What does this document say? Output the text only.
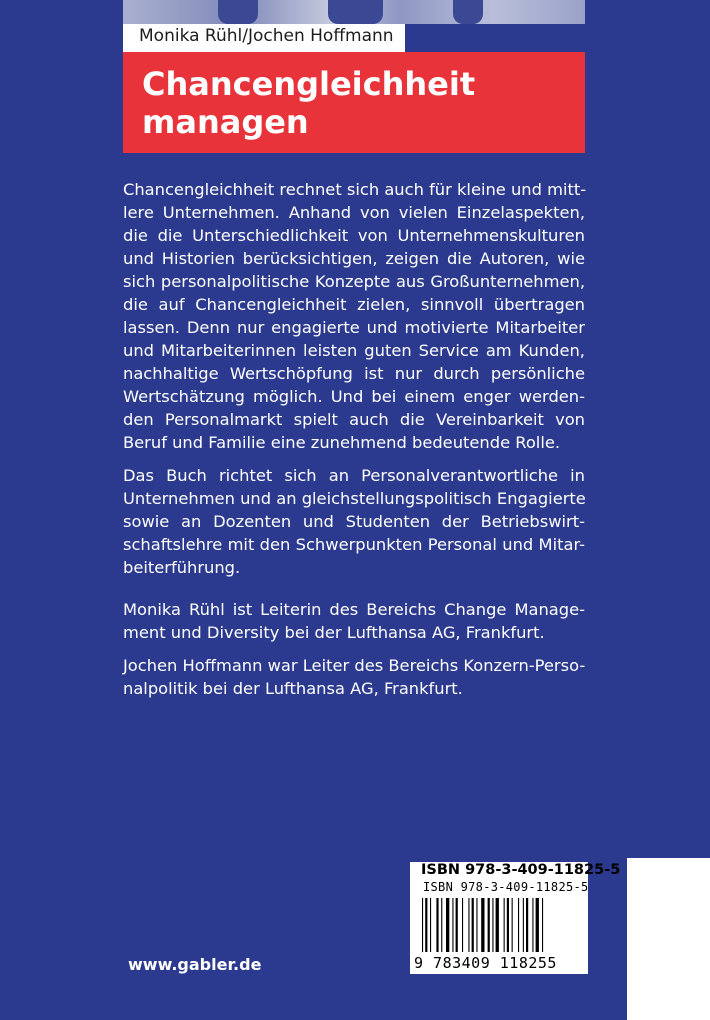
Monika Rühl/Jochen Hoffmann
Chancengleichheit
managen
Chancengleichheit rechnet sich auch für kleine und mitt-
lere Unternehmen. Anhand von vielen Einzelaspekten,
die die Unterschiedlichkeit von Unternehmenskulturen
und Historien berücksichtigen, zeigen die Autoren, wie
sich personalpolitische Konzepte aus Großunternehmen,
die auf Chancengleichheit zielen, sinnvoll übertragen
lassen. Denn nur engagierte und motivierte Mitarbeiter
und Mitarbeiterinnen leisten guten Service am Kunden,
nachhaltige Wertschöpfung ist nur durch persönliche
Wertschätzung möglich. Und bei einem enger werden-
den Personalmarkt spielt auch die Vereinbarkeit von
Beruf und Familie eine zunehmend bedeutende Rolle.
Das Buch richtet sich an Personalverantwortliche in
Unternehmen und an gleichstellungspolitisch Engagierte
sowie an Dozenten und Studenten der Betriebswirt-
schaftslehre mit den Schwerpunkten Personal und Mitar-
beiterführung.
Monika Rühl ist Leiterin des Bereichs Change Manage-
ment und Diversity bei der Lufthansa AG, Frankfurt.
Jochen Hoffmann war Leiter des Bereichs Konzern-Perso-
nalpolitik bei der Lufthansa AG, Frankfurt.
ISBN 978-3-409-11825-5
ISBN 978-3-409-11825-5
9 783409 118255
www.gabler.de
